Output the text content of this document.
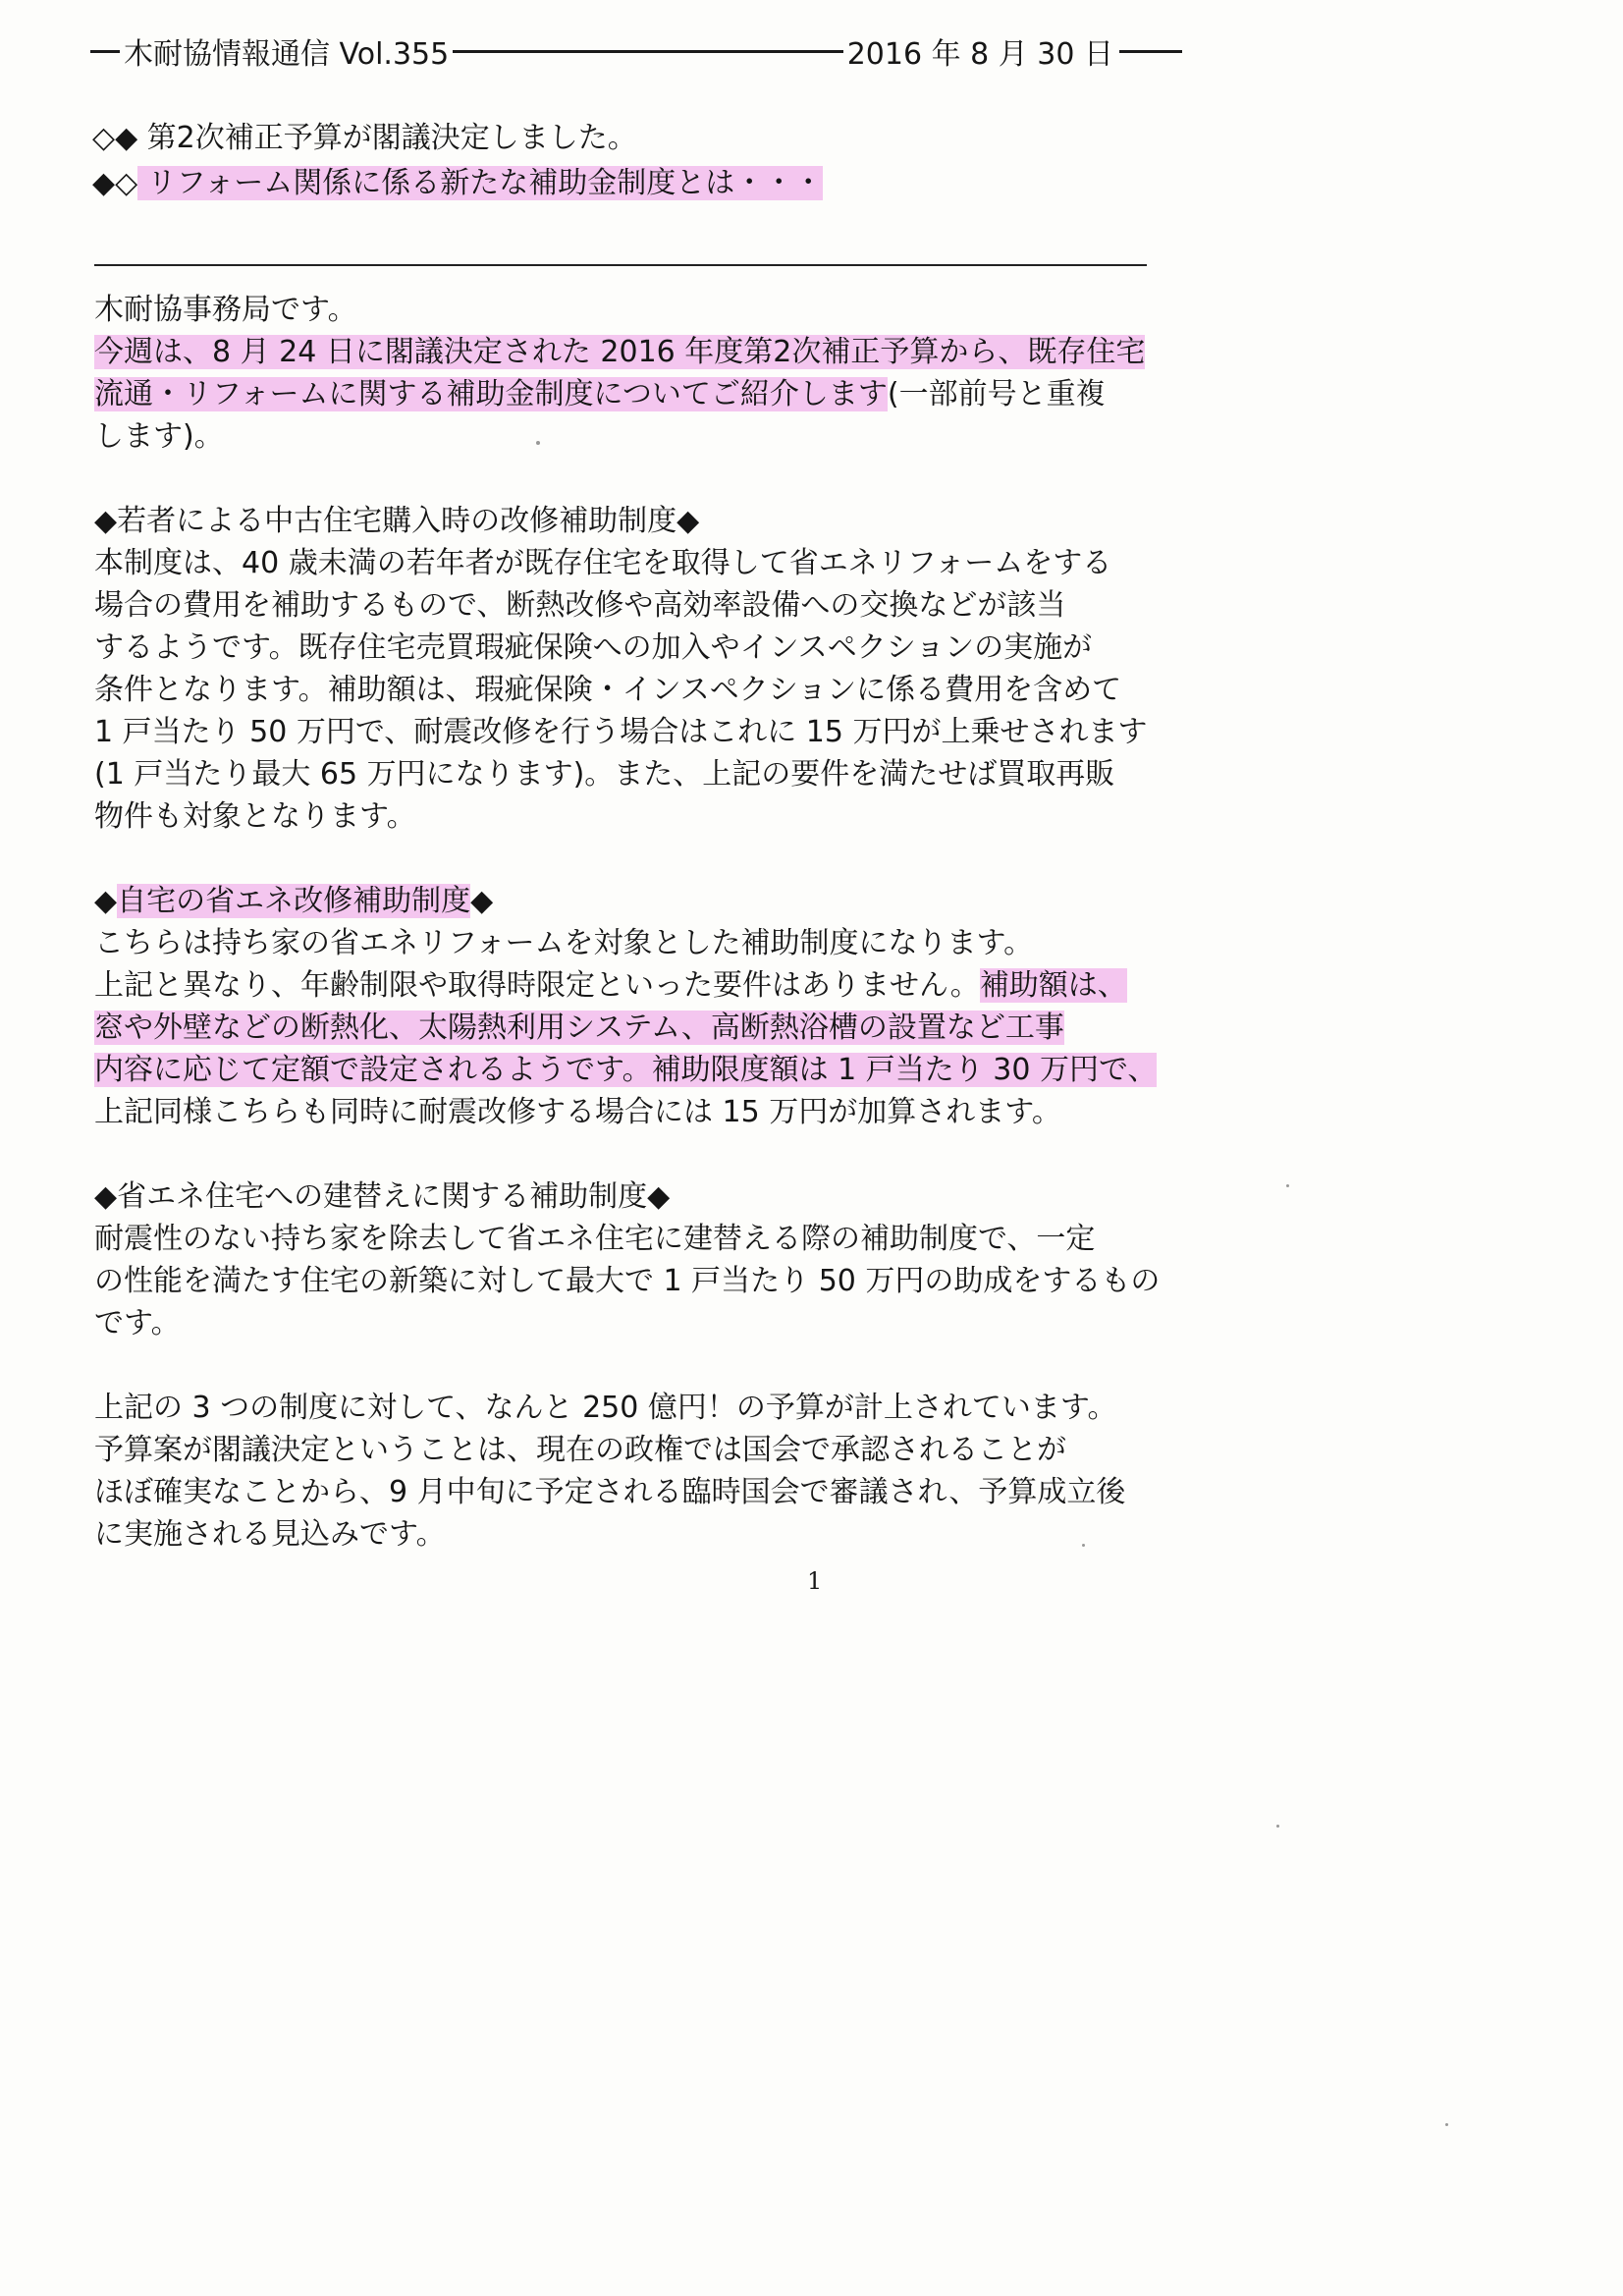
木耐協情報通信 Vol.355	2016 年 8 月 30 日
◇◆ 第2次補正予算が閣議決定しました。
◆◇ リフォーム関係に係る新たな補助金制度とは・・・
木耐協事務局です。
今週は、8 月 24 日に閣議決定された 2016 年度第2次補正予算から、既存住宅
流通・リフォームに関する補助金制度についてご紹介します(一部前号と重複
します)。
◆若者による中古住宅購入時の改修補助制度◆
本制度は、40 歳未満の若年者が既存住宅を取得して省エネリフォームをする
場合の費用を補助するもので、断熱改修や高効率設備への交換などが該当
するようです。既存住宅売買瑕疵保険への加入やインスペクションの実施が
条件となります。補助額は、瑕疵保険・インスペクションに係る費用を含めて
1 戸当たり 50 万円で、耐震改修を行う場合はこれに 15 万円が上乗せされます
(1 戸当たり最大 65 万円になります)。また、上記の要件を満たせば買取再販
物件も対象となります。
◆自宅の省エネ改修補助制度◆
こちらは持ち家の省エネリフォームを対象とした補助制度になります。
上記と異なり、年齢制限や取得時限定といった要件はありません。補助額は、
窓や外壁などの断熱化、太陽熱利用システム、高断熱浴槽の設置など工事
内容に応じて定額で設定されるようです。補助限度額は 1 戸当たり 30 万円で、
上記同様こちらも同時に耐震改修する場合には 15 万円が加算されます。
◆省エネ住宅への建替えに関する補助制度◆
耐震性のない持ち家を除去して省エネ住宅に建替える際の補助制度で、一定
の性能を満たす住宅の新築に対して最大で 1 戸当たり 50 万円の助成をするもの
です。
上記の 3 つの制度に対して、なんと 250 億円！の予算が計上されています。
予算案が閣議決定ということは、現在の政権では国会で承認されることが
ほぼ確実なことから、9 月中旬に予定される臨時国会で審議され、予算成立後
に実施される見込みです。
1
